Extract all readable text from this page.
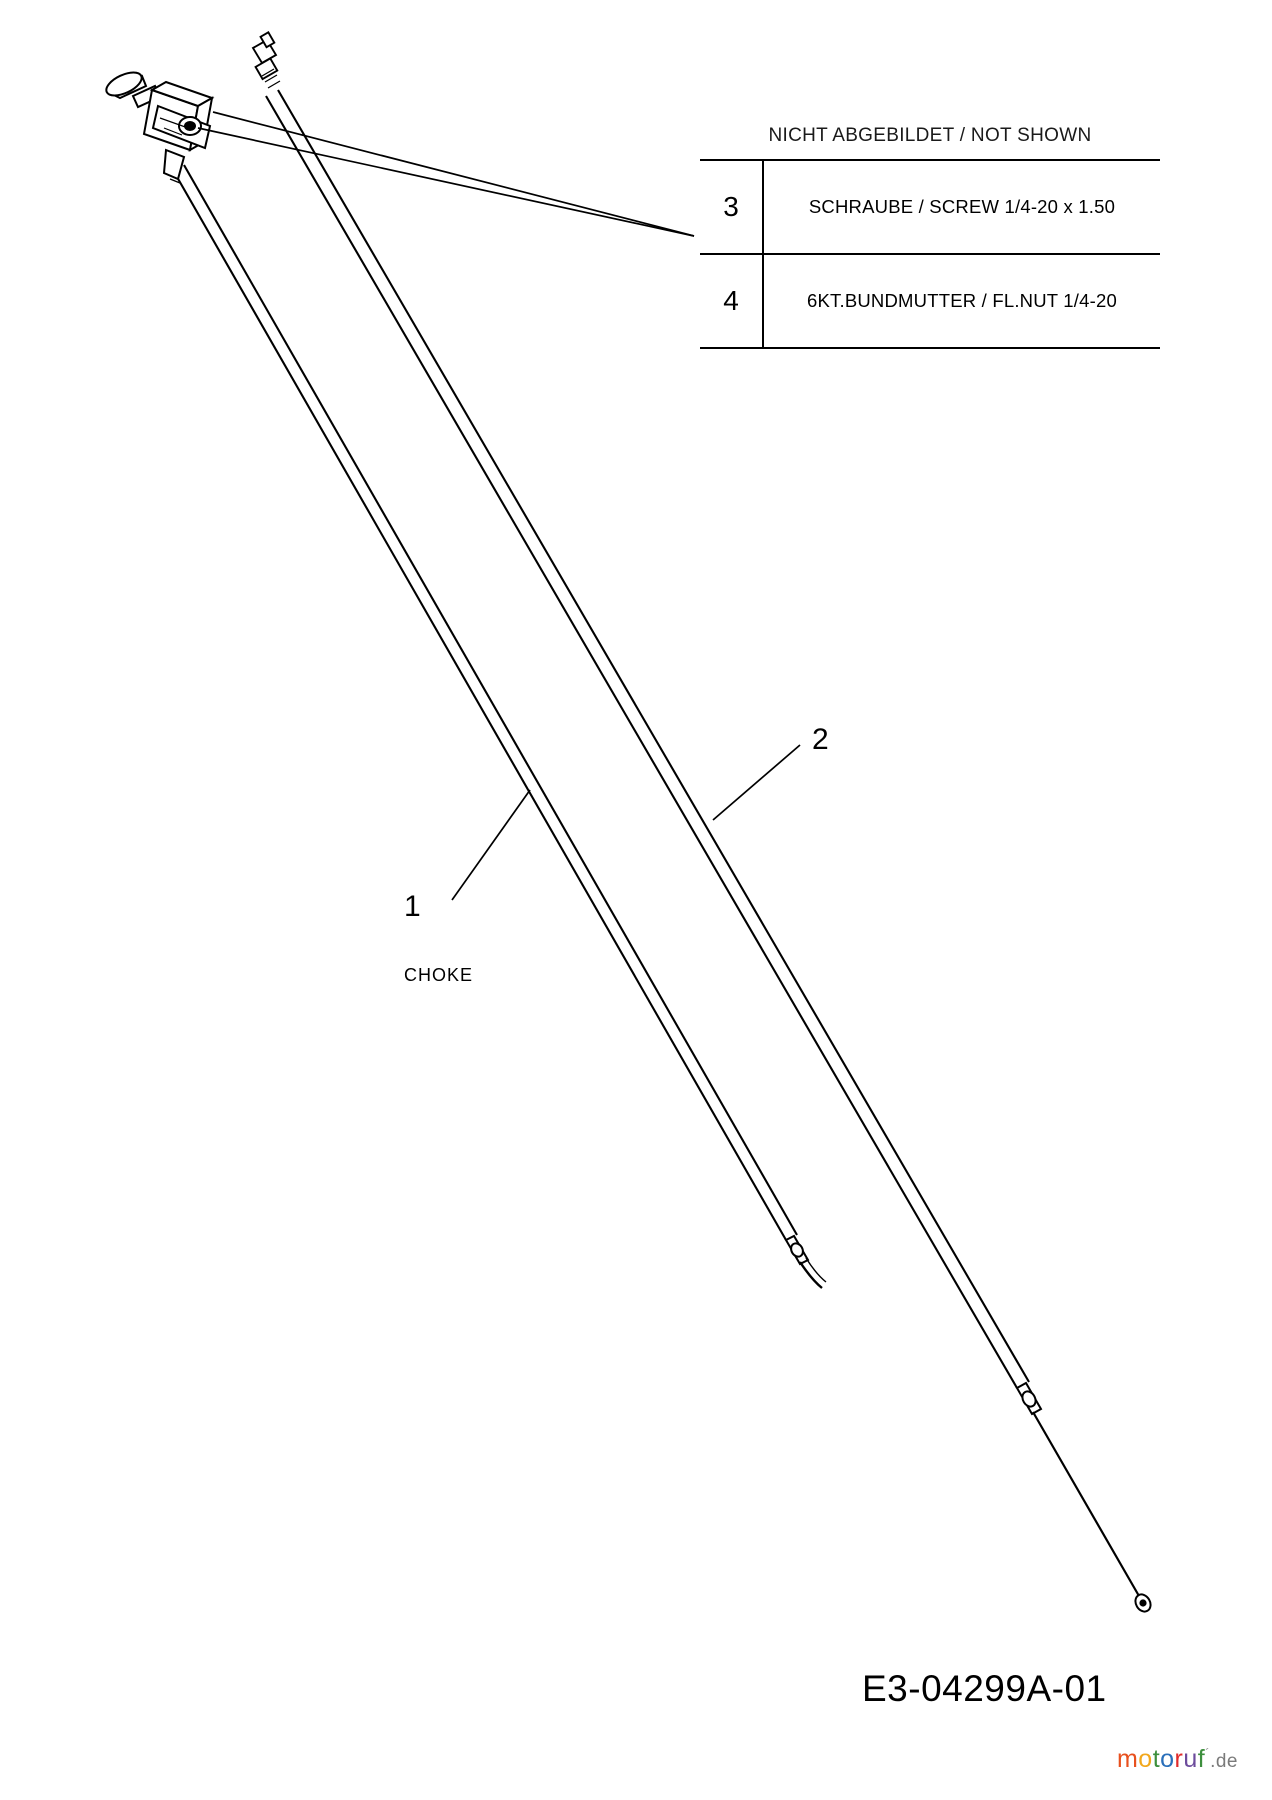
NICHT ABGEBILDET / NOT SHOWN
3	SCHRAUBE / SCREW 1/4-20 x 1.50
4	6KT.BUNDMUTTER / FL.NUT 1/4-20
1
2
CHOKE
E3-04299A-01
motoruf´.de
